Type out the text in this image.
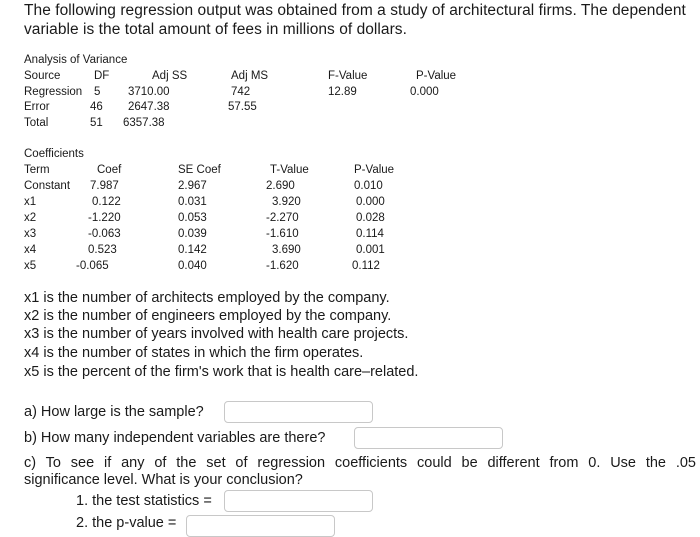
The following regression output was obtained from a study of architectural firms. The dependent
variable is the total amount of fees in millions of dollars.
Analysis of Variance
Source	DF	Adj SS	Adj MS	F-Value	P-Value
Regression 5 3710.00	742	12.89	0.000
Error	46 2647.38	57.55
Total	51 6357.38
Coefficients
Term	Coef	SE Coef	T-Value	P-Value
Constant 7.987	2.967	2.690	0.010
x1	0.122	0.031	3.920	0.000
x2	-1.220	0.053	-2.270	0.028
x3	-0.063	0.039	-1.610	0.114
x4	0.523	0.142	3.690	0.001
x5	-0.065	0.040	-1.620	0.112
x1 is the number of architects employed by the company.
x2 is the number of engineers employed by the company.
x3 is the number of years involved with health care projects.
x4 is the number of states in which the firm operates.
x5 is the percent of the firm's work that is health care–related.
a) How large is the sample?
b) How many independent variables are there?
c) To see if any of the set of regression coefficients could be different from 0. Use the .05
significance level. What is your conclusion?
1. the test statistics =
2. the p-value =
